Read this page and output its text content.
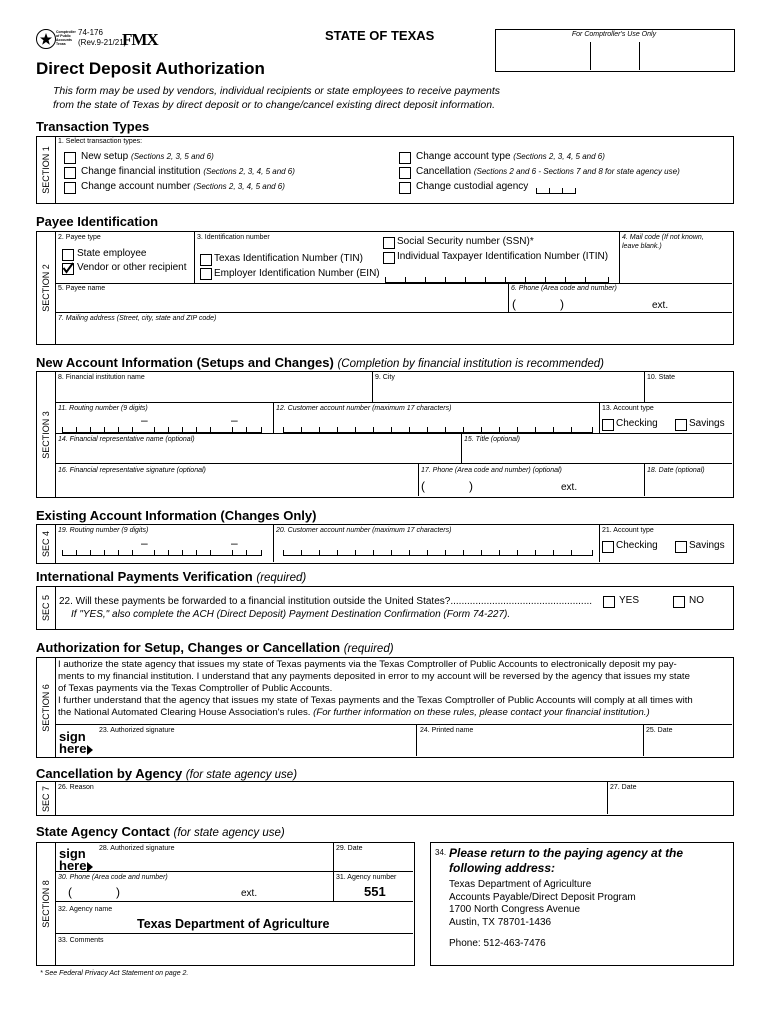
Comptroller of Public Accounts Texas
74-176
(Rev.9-21/21)
FMX	STATE OF TEXAS	For Comptroller's Use Only
Direct Deposit Authorization
This form may be used by vendors, individual recipients or state employees to receive payments
from the state of Texas by direct deposit or to change/cancel existing direct deposit information.
Transaction Types
SECTION 1
1. Select transaction types:
New setup (Sections 2, 3, 5 and 6)
Change financial institution (Sections 2, 3, 4, 5 and 6)
Change account number (Sections 2, 3, 4, 5 and 6)
Change account type (Sections 2, 3, 4, 5 and 6)
Cancellation (Sections 2 and 6 - Sections 7 and 8 for state agency use)
Change custodial agency
Payee Identification
SECTION 2
2. Payee type
State employee
Vendor or other recipient
3. Identification number
Texas Identification Number (TIN)
Employer Identification Number (EIN)
Social Security number (SSN)*
Individual Taxpayer Identification Number (ITIN)
4. Mail code (If not known,
leave blank.)
5. Payee name	6. Phone (Area code and number)
(	)	ext.
7. Mailing address (Street, city, state and ZIP code)
New Account Information (Setups and Changes) (Completion by financial institution is recommended)
SECTION 3
8. Financial institution name	9. City	10. State
11. Routing number (9 digits)
–	–
12. Customer account number (maximum 17 characters)	13. Account type
Checking	Savings
14. Financial representative name (optional)	15. Title (optional)
16. Financial representative signature (optional)	17. Phone (Area code and number) (optional)
(	)	ext.
18. Date (optional)
Existing Account Information (Changes Only)
SEC 4
19. Routing number (9 digits)
–	–
20. Customer account number (maximum 17 characters)	21. Account type
Checking	Savings
International Payments Verification (required)
SEC 5 22. Will these payments be forwarded to a financial institution outside the United States?...................................................	YES	NO
If "YES," also complete the ACH (Direct Deposit) Payment Destination Confirmation (Form 74-227).
Authorization for Setup, Changes or Cancellation (required)
SECTION 6
I authorize the state agency that issues my state of Texas payments via the Texas Comptroller of Public Accounts to electronically deposit my pay-
ments to my financial institution. I understand that any payments deposited in error to my account will be reversed by the agency that issues my state
of Texas payments via the Texas Comptroller of Public Accounts.
I further understand that the agency that issues my state of Texas payments and the Texas Comptroller of Public Accounts will comply at all times with
the National Automated Clearing House Association's rules. (For further information on these rules, please contact your financial institution.)
sign
here
23. Authorized signature	24. Printed name	25. Date
Cancellation by Agency (for state agency use)
SEC 7 26. Reason	27. Date
State Agency Contact (for state agency use)
SECTION 8
sign
here
28. Authorized signature	29. Date
30. Phone (Area code and number)
(	)	ext.
31. Agency number
551
32. Agency name
Texas Department of Agriculture
33. Comments
34. Please return to the paying agency at the
following address:
Texas Department of Agriculture
Accounts Payable/Direct Deposit Program
1700 North Congress Avenue
Austin, TX 78701-1436
Phone: 512-463-7476
* See Federal Privacy Act Statement on page 2.
